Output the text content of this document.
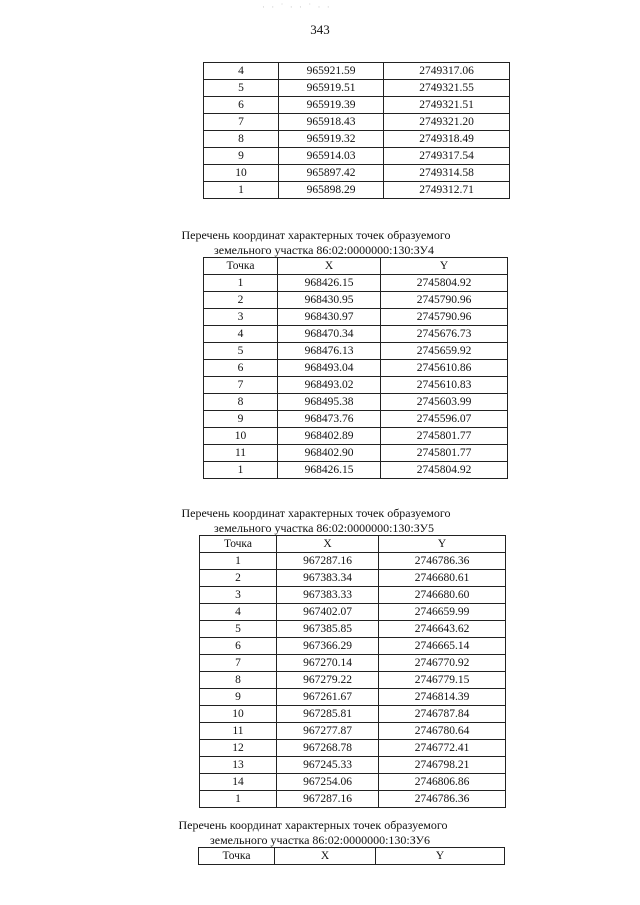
· · ˙ · · ˙ · ·
343
4	965921.59	2749317.06
5	965919.51	2749321.55
6	965919.39	2749321.51
7	965918.43	2749321.20
8	965919.32	2749318.49
9	965914.03	2749317.54
10	965897.42	2749314.58
1	965898.29	2749312.71
Перечень координат характерных точек образуемого
земельного участка 86:02:0000000:130:ЗУ4
Точка	X	Y
1	968426.15	2745804.92
2	968430.95	2745790.96
3	968430.97	2745790.96
4	968470.34	2745676.73
5	968476.13	2745659.92
6	968493.04	2745610.86
7	968493.02	2745610.83
8	968495.38	2745603.99
9	968473.76	2745596.07
10	968402.89	2745801.77
11	968402.90	2745801.77
1	968426.15	2745804.92
Перечень координат характерных точек образуемого
земельного участка 86:02:0000000:130:ЗУ5
Точка	X	Y
1	967287.16	2746786.36
2	967383.34	2746680.61
3	967383.33	2746680.60
4	967402.07	2746659.99
5	967385.85	2746643.62
6	967366.29	2746665.14
7	967270.14	2746770.92
8	967279.22	2746779.15
9	967261.67	2746814.39
10	967285.81	2746787.84
11	967277.87	2746780.64
12	967268.78	2746772.41
13	967245.33	2746798.21
14	967254.06	2746806.86
1	967287.16	2746786.36
Перечень координат характерных точек образуемого
земельного участка 86:02:0000000:130:ЗУ6
Точка	X	Y
